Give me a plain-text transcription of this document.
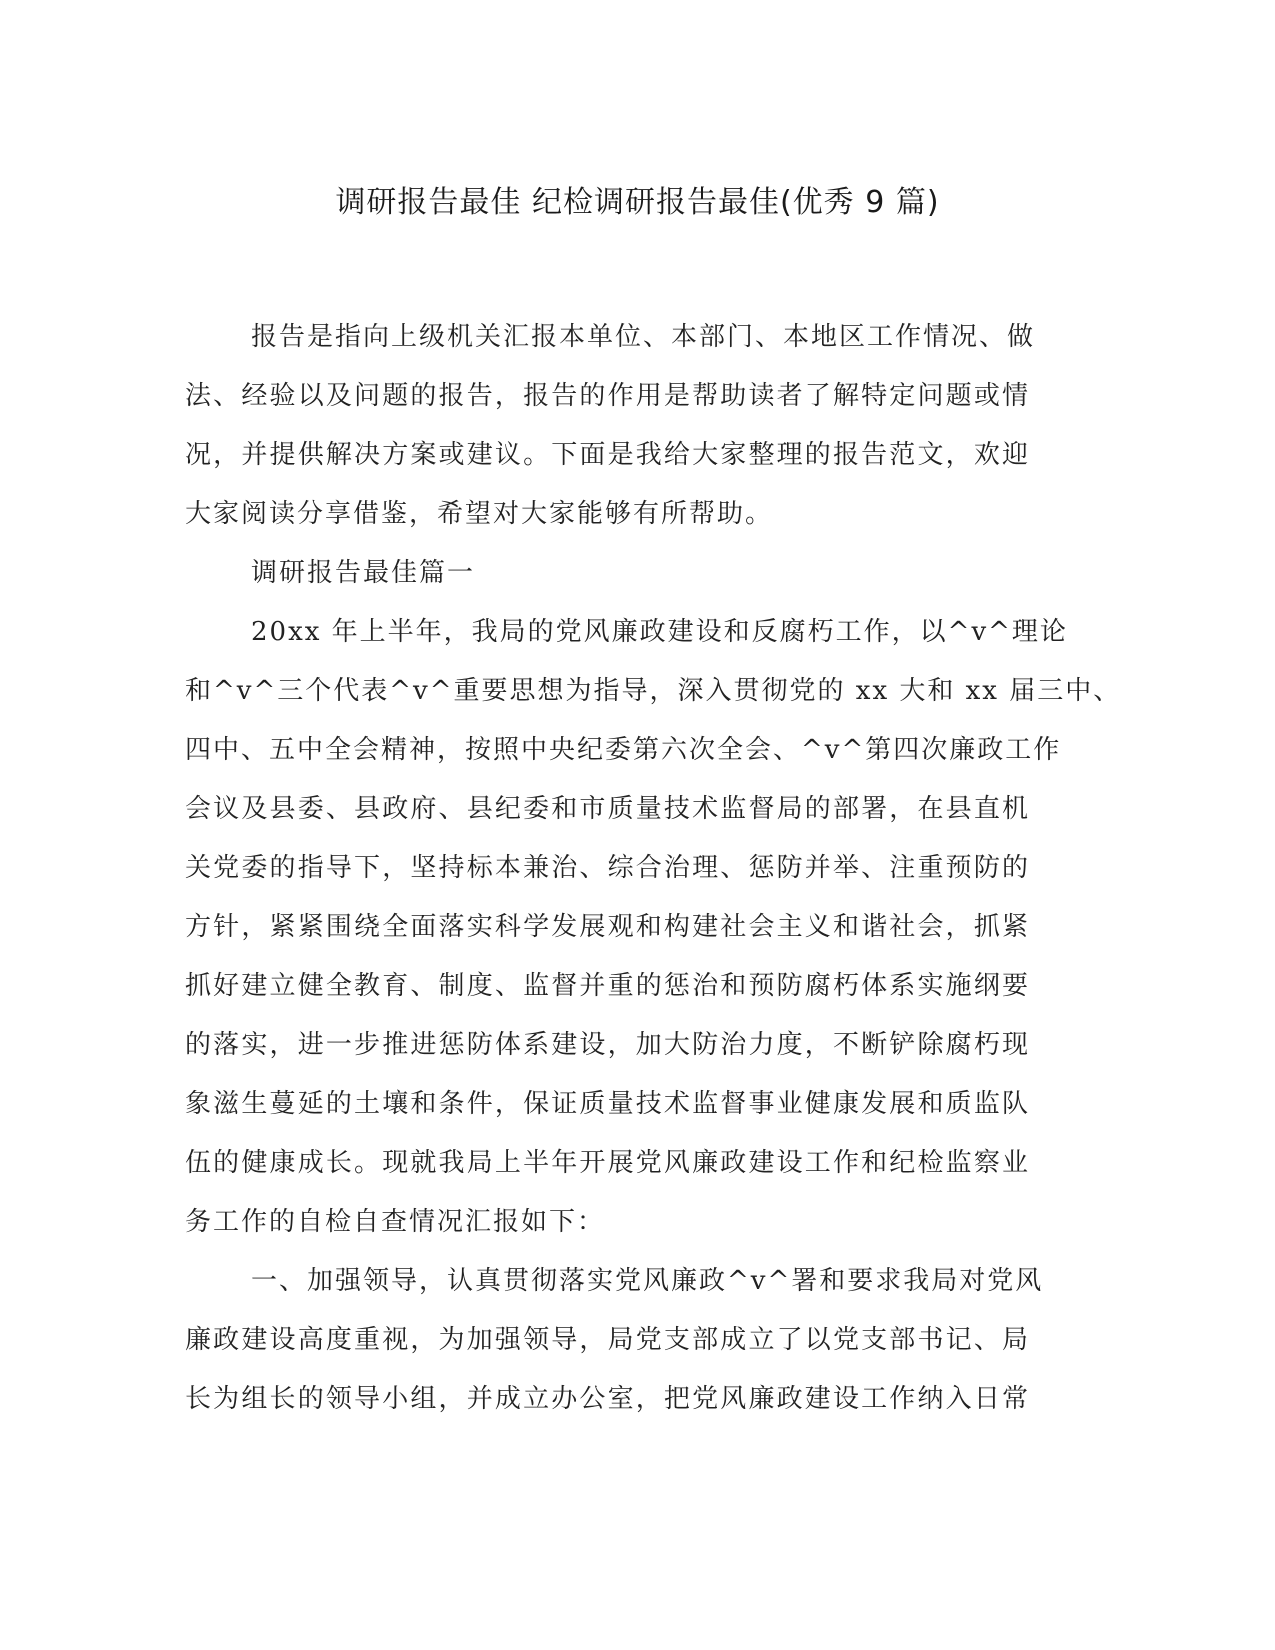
调研报告最佳 纪检调研报告最佳(优秀 9 篇)
报告是指向上级机关汇报本单位、本部门、本地区工作情况、做
法、经验以及问题的报告，报告的作用是帮助读者了解特定问题或情
况，并提供解决方案或建议。下面是我给大家整理的报告范文，欢迎
大家阅读分享借鉴，希望对大家能够有所帮助。
调研报告最佳篇一
20xx 年上半年，我局的党风廉政建设和反腐朽工作，以^v^理论
和^v^三个代表^v^重要思想为指导，深入贯彻党的 xx 大和 xx 届三中、
四中、五中全会精神，按照中央纪委第六次全会、^v^第四次廉政工作
会议及县委、县政府、县纪委和市质量技术监督局的部署，在县直机
关党委的指导下，坚持标本兼治、综合治理、惩防并举、注重预防的
方针，紧紧围绕全面落实科学发展观和构建社会主义和谐社会，抓紧
抓好建立健全教育、制度、监督并重的惩治和预防腐朽体系实施纲要
的落实，进一步推进惩防体系建设，加大防治力度，不断铲除腐朽现
象滋生蔓延的土壤和条件，保证质量技术监督事业健康发展和质监队
伍的健康成长。现就我局上半年开展党风廉政建设工作和纪检监察业
务工作的自检自查情况汇报如下：
一、加强领导，认真贯彻落实党风廉政^v^署和要求我局对党风
廉政建设高度重视，为加强领导，局党支部成立了以党支部书记、局
长为组长的领导小组，并成立办公室，把党风廉政建设工作纳入日常
